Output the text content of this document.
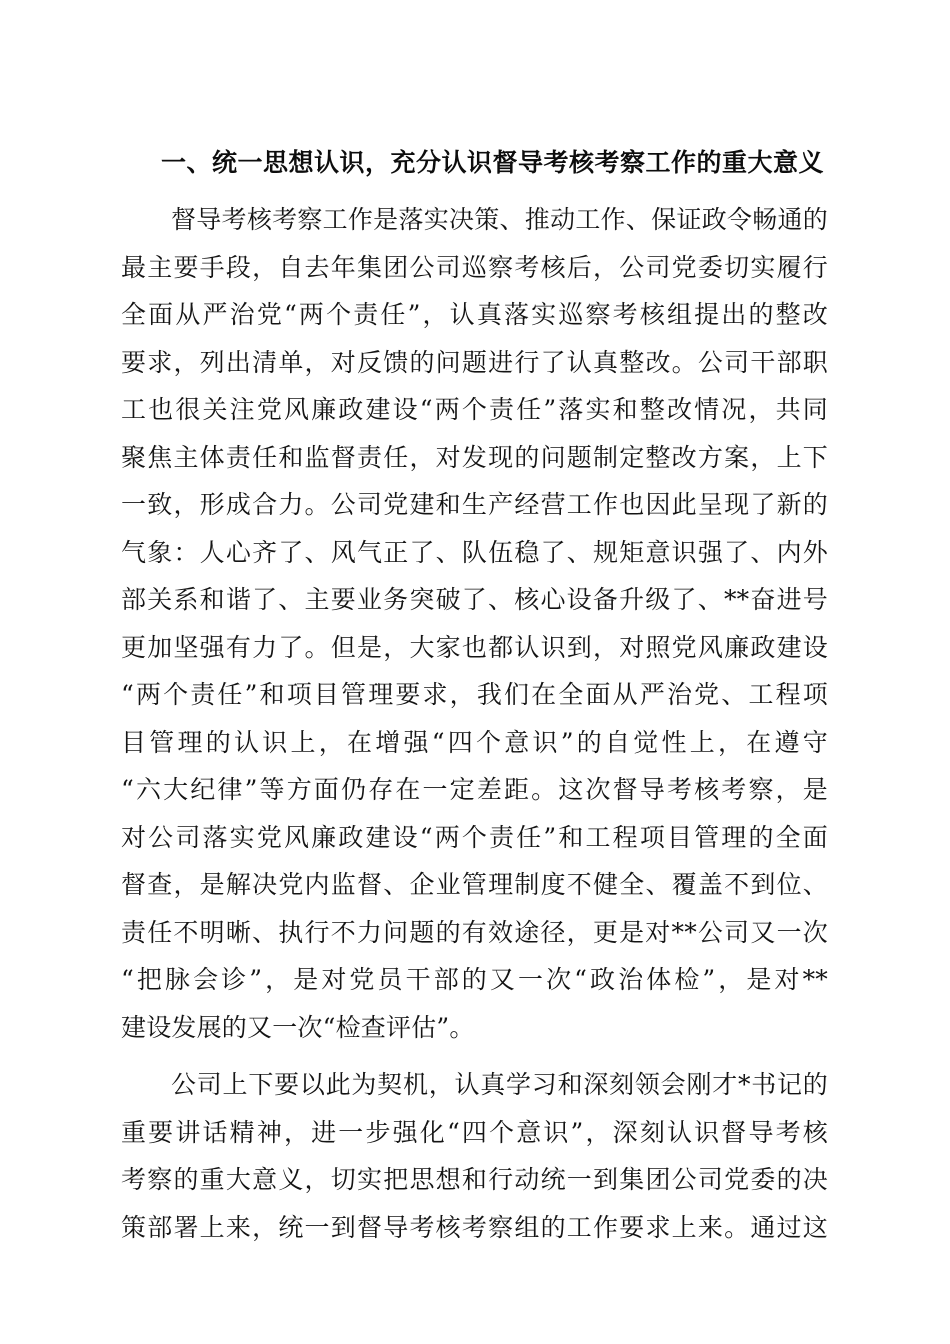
一、统一思想认识，充分认识督导考核考察工作的重大意义
督导考核考察工作是落实决策、推动工作、保证政令畅通的
最主要手段，自去年集团公司巡察考核后，公司党委切实履行
全面从严治党“两个责任”，认真落实巡察考核组提出的整改
要求，列出清单，对反馈的问题进行了认真整改。公司干部职
工也很关注党风廉政建设“两个责任”落实和整改情况，共同
聚焦主体责任和监督责任，对发现的问题制定整改方案，上下
一致，形成合力。公司党建和生产经营工作也因此呈现了新的
气象：人心齐了、风气正了、队伍稳了、规矩意识强了、内外
部关系和谐了、主要业务突破了、核心设备升级了、**奋进号
更加坚强有力了。但是，大家也都认识到，对照党风廉政建设
“两个责任”和项目管理要求，我们在全面从严治党、工程项
目管理的认识上，在增强“四个意识”的自觉性上，在遵守
“六大纪律”等方面仍存在一定差距。这次督导考核考察，是
对公司落实党风廉政建设“两个责任”和工程项目管理的全面
督查，是解决党内监督、企业管理制度不健全、覆盖不到位、
责任不明晰、执行不力问题的有效途径，更是对**公司又一次
“把脉会诊”，是对党员干部的又一次“政治体检”，是对**
建设发展的又一次“检查评估”。
公司上下要以此为契机，认真学习和深刻领会刚才*书记的
重要讲话精神，进一步强化“四个意识”，深刻认识督导考核
考察的重大意义，切实把思想和行动统一到集团公司党委的决
策部署上来，统一到督导考核考察组的工作要求上来。通过这
